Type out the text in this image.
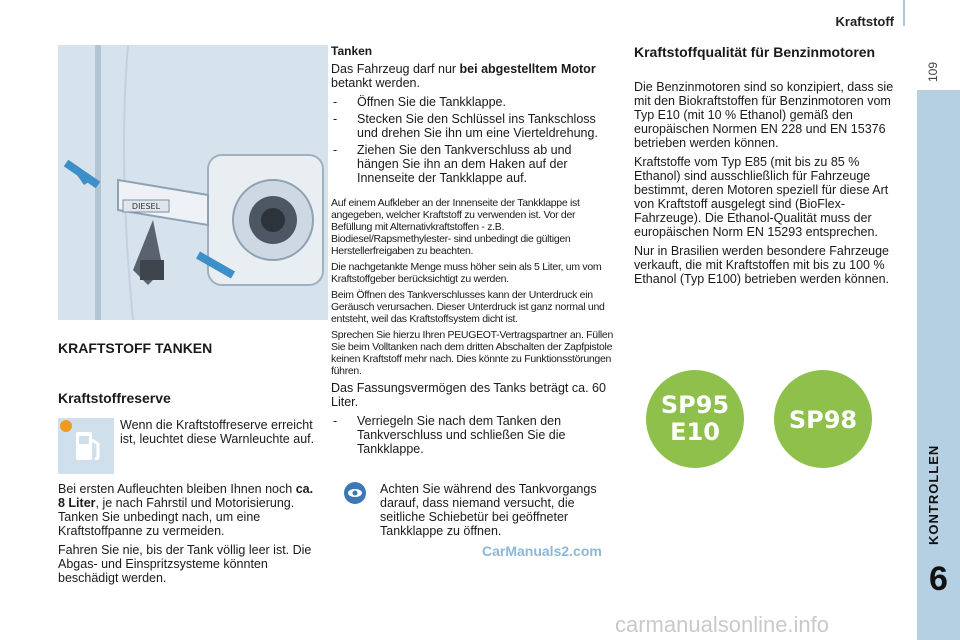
Kraftstoff
109
KONTROLLEN
6
DIESEL
KRAFTSTOFF TANKEN
Kraftstoffreserve
Wenn die Kraftstoffreserve erreicht ist, leuchtet diese Warnleuchte auf.

Bei ersten Aufleuchten bleiben Ihnen noch ca. 8 Liter, je nach Fahrstil und Motorisierung. Tanken Sie unbedingt nach, um eine Kraftstoffpanne zu vermeiden.

Fahren Sie nie, bis der Tank völlig leer ist. Die Abgas- und Einspritzsysteme könnten beschädigt werden.

Tanken

Das Fahrzeug darf nur bei abgestelltem Motor betankt werden.

- Öffnen Sie die Tankklappe.
- Stecken Sie den Schlüssel ins Tankschloss und drehen Sie ihn um eine Vierteldrehung.
- Ziehen Sie den Tankverschluss ab und hängen Sie ihn an dem Haken auf der Innenseite der Tankklappe auf.

Auf einem Aufkleber an der Innenseite der Tankklappe ist angegeben, welcher Kraftstoff zu verwenden ist. Vor der Befüllung mit Alternativkraftstoffen - z.B. Biodiesel/Rapsmethylester- sind unbedingt die gültigen Herstellerfreigaben zu beachten.

Die nachgetankte Menge muss höher sein als 5 Liter, um vom Kraftstoffgeber berücksichtigt zu werden.

Beim Öffnen des Tankverschlusses kann der Unterdruck ein Geräusch verursachen. Dieser Unterdruck ist ganz normal und entsteht, weil das Kraftstoffsystem dicht ist.

Sprechen Sie hierzu Ihren PEUGEOT-Vertragspartner an. Füllen Sie beim Volltanken nach dem dritten Abschalten der Zapfpistole keinen Kraftstoff mehr nach. Dies könnte zu Funktionsstörungen führen.

Das Fassungsvermögen des Tanks beträgt ca. 60 Liter.

- Verriegeln Sie nach dem Tanken den Tankverschluss und schließen Sie die Tankklappe.
Achten Sie während des Tankvorgangs darauf, dass niemand versucht, die seitliche Schiebetür bei geöffneter Tankklappe zu öffnen.
CarManuals2.com
Kraftstoffqualität für Benzinmotoren

Die Benzinmotoren sind so konzipiert, dass sie mit den Biokraftstoffen für Benzinmotoren vom Typ E10 (mit 10 % Ethanol) gemäß den europäischen Normen EN 228 und EN 15376 betrieben werden können.

Kraftstoffe vom Typ E85 (mit bis zu 85 % Ethanol) sind ausschließlich für Fahrzeuge bestimmt, deren Motoren speziell für diese Art von Kraftstoff ausgelegt sind (BioFlex-Fahrzeuge). Die Ethanol-Qualität muss der europäischen Norm EN 15293 entsprechen.

Nur in Brasilien werden besondere Fahrzeuge verkauft, die mit Kraftstoffen mit bis zu 100 % Ethanol (Typ E100) betrieben werden können.

SP95
E10	SP98
carmanualsonline.info
